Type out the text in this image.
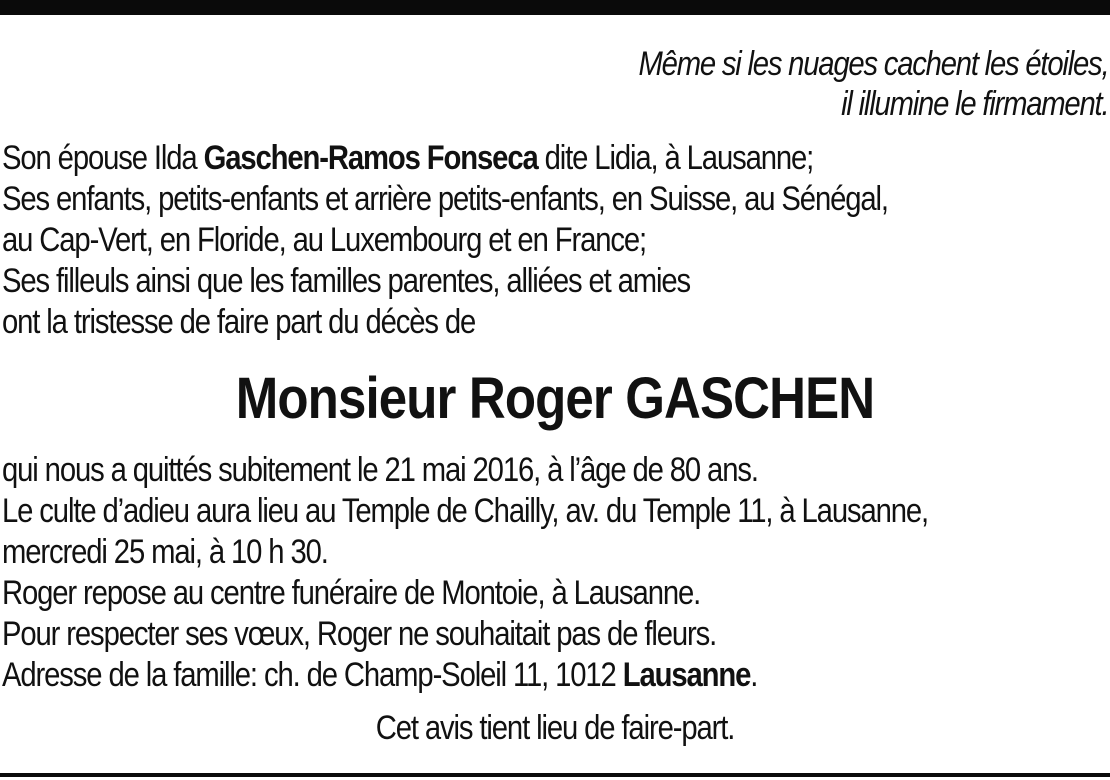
Même si les nuages cachent les étoiles,
il illumine le firmament.
Son épouse Ilda Gaschen-Ramos Fonseca dite Lidia, à Lausanne;
Ses enfants, petits-enfants et arrière petits-enfants, en Suisse, au Sénégal,
au Cap-Vert, en Floride, au Luxembourg et en France;
Ses filleuls ainsi que les familles parentes, alliées et amies
ont la tristesse de faire part du décès de
Monsieur Roger GASCHEN
qui nous a quittés subitement le 21 mai 2016, à l’âge de 80 ans.
Le culte d’adieu aura lieu au Temple de Chailly, av. du Temple 11, à Lausanne,
mercredi 25 mai, à 10 h 30.
Roger repose au centre funéraire de Montoie, à Lausanne.
Pour respecter ses vœux, Roger ne souhaitait pas de fleurs.
Adresse de la famille: ch. de Champ-Soleil 11, 1012 Lausanne.
Cet avis tient lieu de faire-part.
